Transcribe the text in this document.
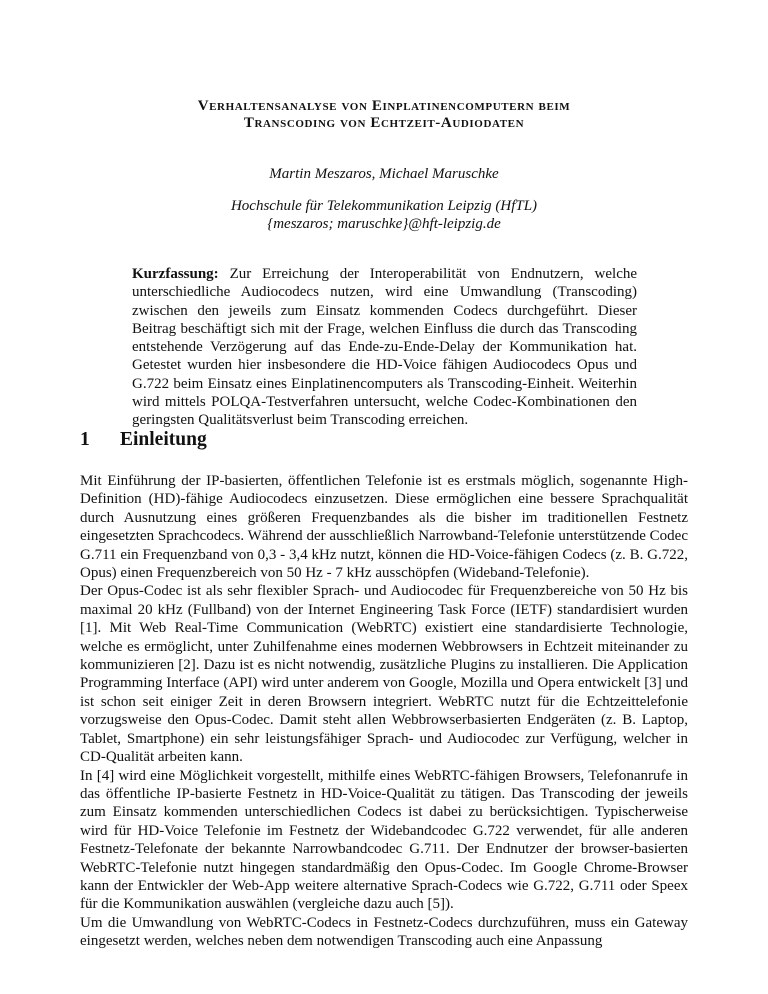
Verhaltensanalyse von Einplatinencomputern beim
Transcoding von Echtzeit-Audiodaten
Martin Meszaros, Michael Maruschke
Hochschule für Telekommunikation Leipzig (HfTL)
{meszaros; maruschke}@hft-leipzig.de
Kurzfassung: Zur Erreichung der Interoperabilität von Endnutzern, welche unterschiedliche Audiocodecs nutzen, wird eine Umwandlung (Transcoding) zwischen den jeweils zum Einsatz kommenden Codecs durchgeführt. Dieser Beitrag beschäftigt sich mit der Frage, welchen Einfluss die durch das Transcoding entstehende Verzögerung auf das Ende-zu-Ende-Delay der Kommunikation hat. Getestet wurden hier insbesondere die HD-Voice fähigen Audiocodecs Opus und G.722 beim Einsatz eines Einplatinencomputers als Transcoding-Einheit. Weiterhin wird mittels POLQA-Testverfahren untersucht, welche Codec-Kombinationen den geringsten Qualitätsverlust beim Transcoding erreichen.
1 Einleitung

Mit Einführung der IP-basierten, öffentlichen Telefonie ist es erstmals möglich, sogenannte High-Definition (HD)-fähige Audiocodecs einzusetzen. Diese ermöglichen eine bessere Sprachqualität durch Ausnutzung eines größeren Frequenzbandes als die bisher im traditionellen Festnetz eingesetzten Sprachcodecs. Während der ausschließlich Narrowband-Telefonie unterstützende Codec G.711 ein Frequenzband von 0,3 - 3,4 kHz nutzt, können die HD-Voice-fähigen Codecs (z. B. G.722, Opus) einen Frequenzbereich von 50 Hz - 7 kHz ausschöpfen (Wideband-Telefonie).

Der Opus-Codec ist als sehr flexibler Sprach- und Audiocodec für Frequenzbereiche von 50 Hz bis maximal 20 kHz (Fullband) von der Internet Engineering Task Force (IETF) standardisiert wurden [1]. Mit Web Real-Time Communication (WebRTC) existiert eine standardisierte Technologie, welche es ermöglicht, unter Zuhilfenahme eines modernen Webbrowsers in Echtzeit miteinander zu kommunizieren [2]. Dazu ist es nicht notwendig, zusätzliche Plugins zu installieren. Die Application Programming Interface (API) wird unter anderem von Google, Mozilla und Opera entwickelt [3] und ist schon seit einiger Zeit in deren Browsern integriert. WebRTC nutzt für die Echtzeittelefonie vorzugsweise den Opus-Codec. Damit steht allen Webbrowserbasierten Endgeräten (z. B. Laptop, Tablet, Smartphone) ein sehr leistungsfähiger Sprach- und Audiocodec zur Verfügung, welcher in CD-Qualität arbeiten kann.

In [4] wird eine Möglichkeit vorgestellt, mithilfe eines WebRTC-fähigen Browsers, Telefonanrufe in das öffentliche IP-basierte Festnetz in HD-Voice-Qualität zu tätigen. Das Transcoding der jeweils zum Einsatz kommenden unterschiedlichen Codecs ist dabei zu berücksichtigen. Typischerweise wird für HD-Voice Telefonie im Festnetz der Widebandcodec G.722 verwendet, für alle anderen Festnetz-Telefonate der bekannte Narrowbandcodec G.711. Der Endnutzer der browser-basierten WebRTC-Telefonie nutzt hingegen standardmäßig den Opus-Codec. Im Google Chrome-Browser kann der Entwickler der Web-App weitere alternative Sprach-Codecs wie G.722, G.711 oder Speex für die Kommunikation auswählen (vergleiche dazu auch [5]).

Um die Umwandlung von WebRTC-Codecs in Festnetz-Codecs durchzuführen, muss ein Gateway eingesetzt werden, welches neben dem notwendigen Transcoding auch eine Anpassung
